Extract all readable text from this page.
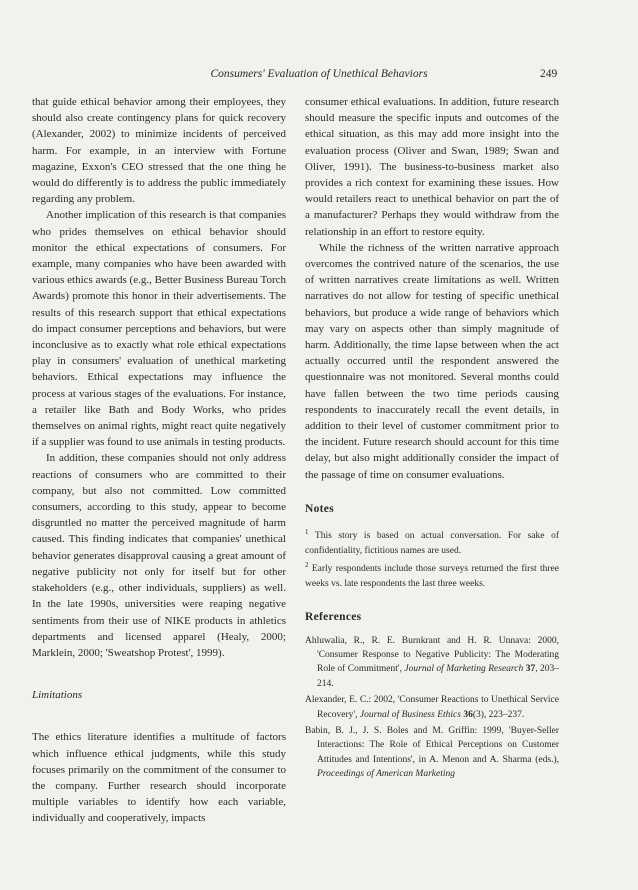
Consumers' Evaluation of Unethical Behaviors	249

that guide ethical behavior among their employees, they should also create contingency plans for quick recovery (Alexander, 2002) to minimize incidents of perceived harm. For example, in an interview with Fortune magazine, Exxon's CEO stressed that the one thing he would do differently is to address the public immediately regarding any problem.

Another implication of this research is that companies who prides themselves on ethical behavior should monitor the ethical expectations of consumers. For example, many companies who have been awarded with various ethics awards (e.g., Better Business Bureau Torch Awards) promote this honor in their advertisements. The results of this research support that ethical expectations do impact consumer perceptions and behaviors, but were inconclusive as to exactly what role ethical expectations play in consumers' evaluation of unethical marketing behaviors. Ethical expectations may influence the process at various stages of the evaluations. For instance, a retailer like Bath and Body Works, who prides themselves on animal rights, might react quite negatively if a supplier was found to use animals in testing products.

In addition, these companies should not only address reactions of consumers who are committed to their company, but also not committed. Low committed consumers, according to this study, appear to become disgruntled no matter the perceived magnitude of harm caused. This finding indicates that companies' unethical behavior generates disapproval causing a great amount of negative publicity not only for itself but for other stakeholders (e.g., other individuals, suppliers) as well. In the late 1990s, universities were reaping negative sentiments from their use of NIKE products in athletics departments and licensed apparel (Healy, 2000; Marklein, 2000; 'Sweatshop Protest', 1999).

Limitations

The ethics literature identifies a multitude of factors which influence ethical judgments, while this study focuses primarily on the commitment of the consumer to the company. Further research should incorporate multiple variables to identify how each variable, individually and cooperatively, impacts

consumer ethical evaluations. In addition, future research should measure the specific inputs and outcomes of the ethical situation, as this may add more insight into the evaluation process (Oliver and Swan, 1989; Swan and Oliver, 1991). The business-to-business market also provides a rich context for examining these issues. How would retailers react to unethical behavior on part the of a manufacturer? Perhaps they would withdraw from the relationship in an effort to restore equity.

While the richness of the written narrative approach overcomes the contrived nature of the scenarios, the use of written narratives create limitations as well. Written narratives do not allow for testing of specific unethical behaviors, but produce a wide range of behaviors which may vary on aspects other than simply magnitude of harm. Additionally, the time lapse between when the act actually occurred until the respondent answered the questionnaire was not monitored. Several months could have fallen between the two time periods causing respondents to inaccurately recall the event details, in addition to their level of customer commitment prior to the incident. Future research should account for this time delay, but also might additionally consider the impact of the passage of time on consumer evaluations.

Notes

$^1$ This story is based on actual conversation. For sake of confidentiality, fictitious names are used.

$^2$ Early respondents include those surveys returned the first three weeks vs. late respondents the last three weeks.

References

Ahluwalia, R., R. E. Burnkrant and H. R. Unnava: 2000, 'Consumer Response to Negative Publicity: The Moderating Role of Commitment', Journal of Marketing Research 37, 203–214.

Alexander, E. C.: 2002, 'Consumer Reactions to Unethical Service Recovery', Journal of Business Ethics 36(3), 223–237.

Babin, B. J., J. S. Boles and M. Griffin: 1999, 'Buyer-Seller Interactions: The Role of Ethical Perceptions on Customer Attitudes and Intentions', in A. Menon and A. Sharma (eds.), Proceedings of American Marketing
